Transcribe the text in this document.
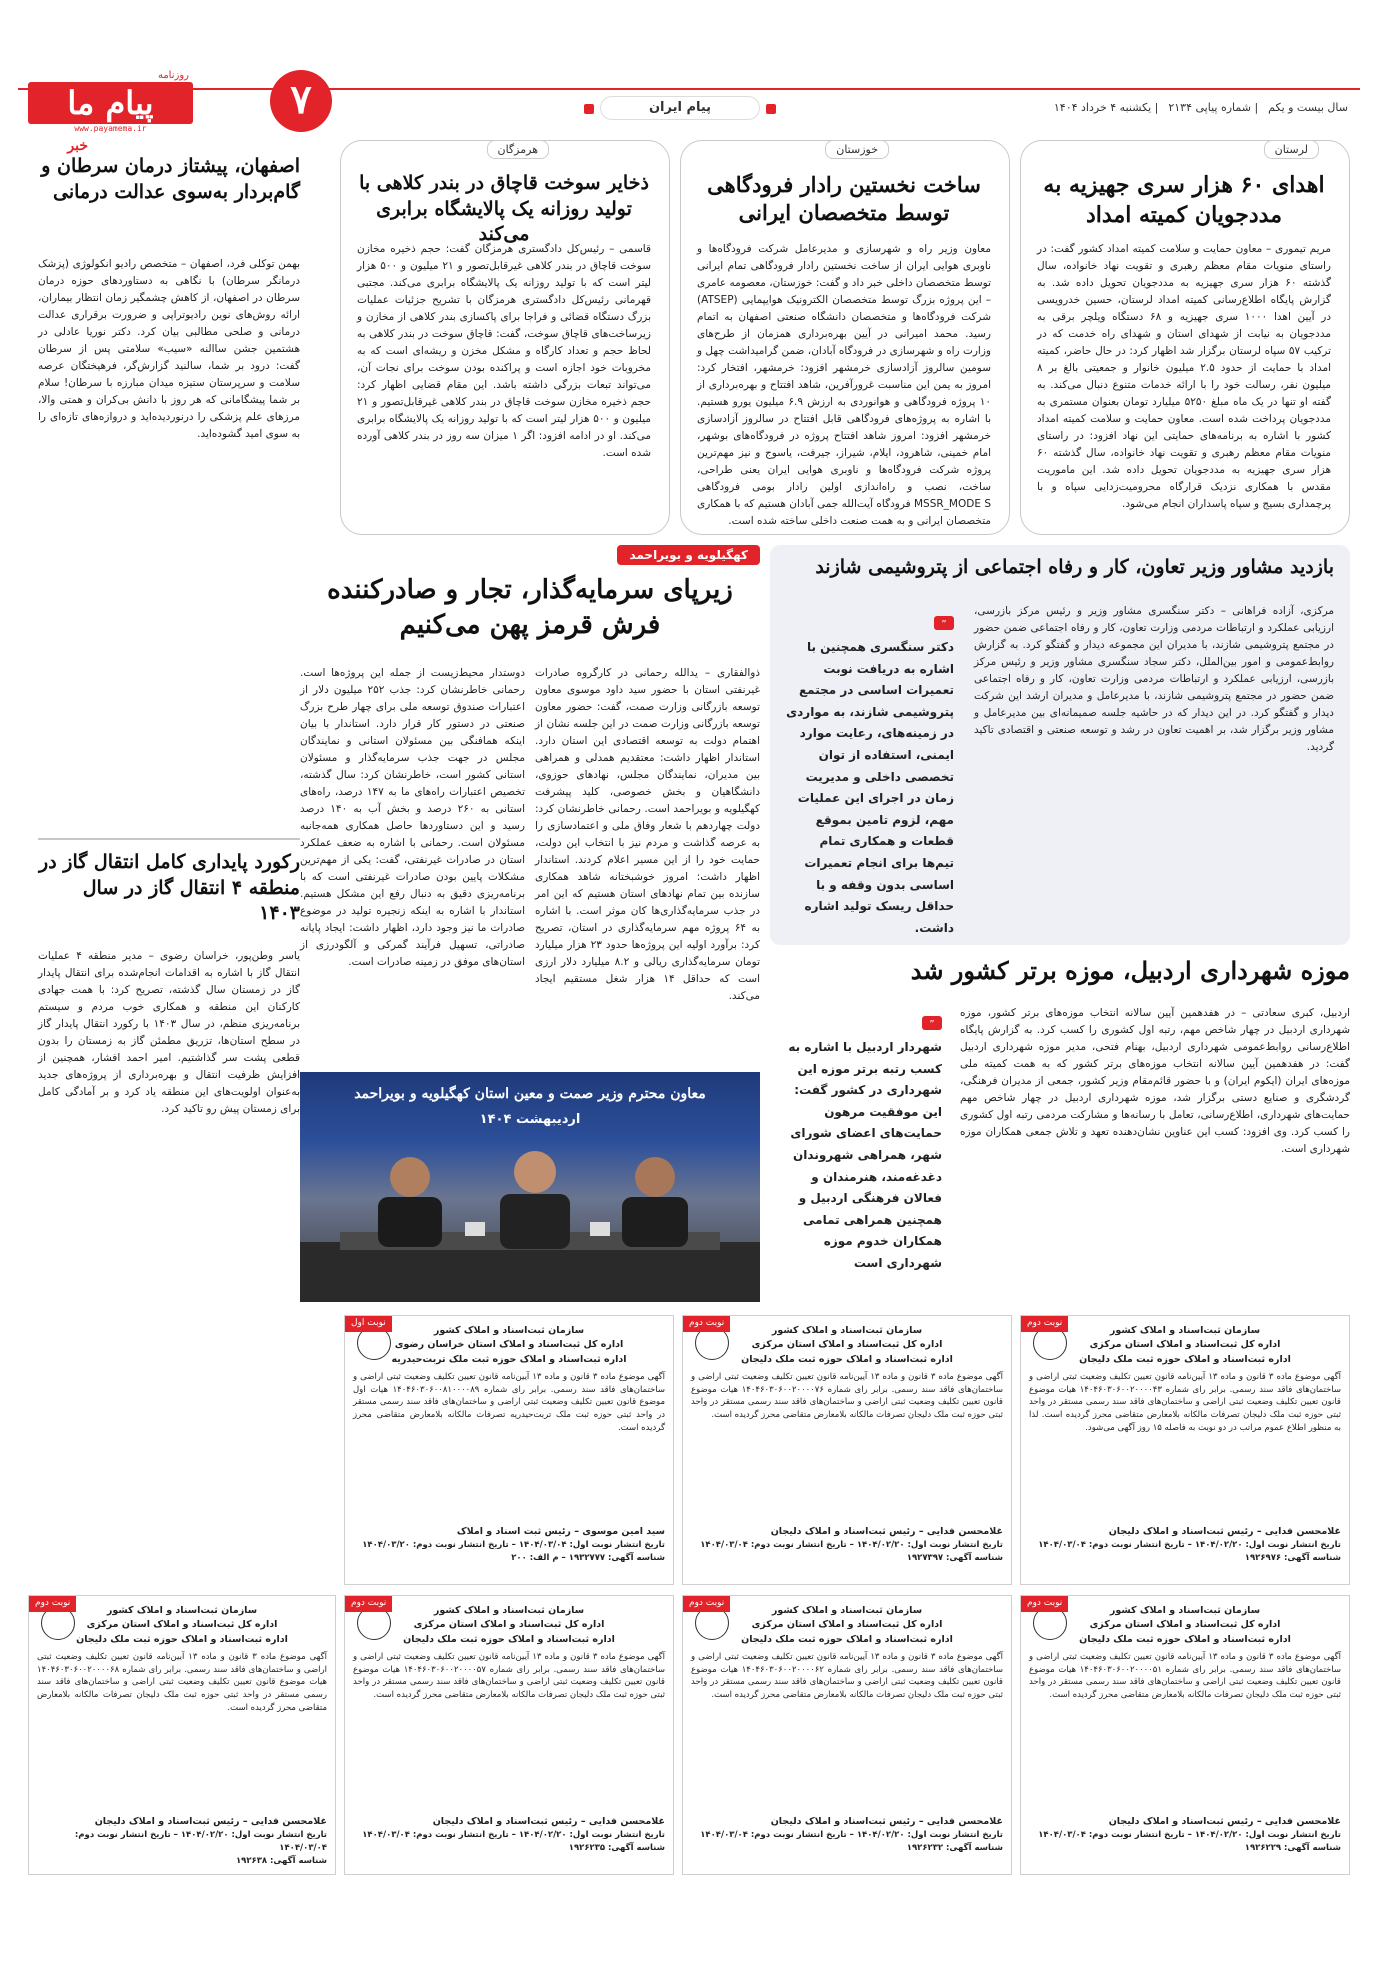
روزنامه
پیام ما
www.payamema.ir
۷	پیام ایران	سال بیست و یکم| شماره پیاپی ۲۱۳۴| یکشنبه ۴ خرداد ۱۴۰۴
لرستان
اهدای ۶۰ هزار سری جهیزیه به مددجویان کمیته امداد
مریم تیموری – معاون حمایت و سلامت کمیته امداد کشور گفت: در راستای منویات مقام معظم رهبری و تقویت نهاد خانواده، سال گذشته ۶۰ هزار سری جهیزیه به مددجویان تحویل داده شد. به گزارش پایگاه اطلاع‌رسانی کمیته امداد لرستان، حسین خدرویسی در آیین اهدا ۱۰۰۰ سری جهیزیه و ۶۸ دستگاه ویلچر برقی به مددجویان به نیابت از شهدای استان و شهدای راه خدمت که در ترکیب ۵۷ سپاه لرستان برگزار شد اظهار کرد: در حال حاضر، کمیته امداد با حمایت از حدود ۲.۵ میلیون خانوار و جمعیتی بالغ بر ۸ میلیون نفر، رسالت خود را با ارائه خدمات متنوع دنبال می‌کند. به گفته او تنها در یک ماه مبلغ ۵۲۵۰ میلیارد تومان بعنوان مستمری به مددجویان پرداخت شده است. معاون حمایت و سلامت کمیته امداد کشور با اشاره به برنامه‌های حمایتی این نهاد افزود: در راستای منویات مقام معظم رهبری و تقویت نهاد خانواده، سال گذشته ۶۰ هزار سری جهیزیه به مددجویان تحویل داده شد. این ماموریت مقدس با همکاری نزدیک قرارگاه محرومیت‌زدایی سپاه و با پرچمداری بسیج و سپاه پاسداران انجام می‌شود.
خوزستان
ساخت نخستین رادار فرودگاهی توسط متخصصان ایرانی
معاون وزیر راه و شهرسازی و مدیرعامل شرکت فرودگاه‌ها و ناوبری هوایی ایران از ساخت نخستین رادار فرودگاهی تمام ایرانی توسط متخصصان داخلی خبر داد و گفت: خوزستان، معصومه عامری – این پروژه بزرگ توسط متخصصان الکترونیک هوایپمایی (ATSEP) شرکت فرودگاه‌ها و متخصصان دانشگاه صنعتی اصفهان به اتمام رسید. محمد امیرانی در آیین بهره‌برداری همزمان از طرح‌های وزارت راه و شهرسازی در فرودگاه آبادان، ضمن گرامیداشت چهل و سومین سالروز آزادسازی خرمشهر افزود: خرمشهر، افتخار کرد: امروز به یمن این مناسبت غرورآفرین، شاهد افتتاح و بهره‌برداری از ۱۰ پروژه فرودگاهی و هوانوردی به ارزش ۶.۹ میلیون یورو هستیم. با اشاره به پروژه‌های فرودگاهی قابل افتتاح در سالروز آزادسازی خرمشهر افزود: امروز شاهد افتتاح پروژه در فرودگاه‌های بوشهر، امام خمینی، شاهرود، ایلام، شیراز، جیرفت، یاسوج و نیز مهم‌ترین پروژه شرکت فرودگاه‌ها و ناوبری هوایی ایران یعنی طراحی، ساخت، نصب و راه‌اندازی اولین رادار بومی فرودگاهی MSSR_MODE S فرودگاه آیت‌الله جمی آبادان هستیم که با همکاری متخصصان ایرانی و به همت صنعت داخلی ساخته شده است.
هرمزگان
ذخایر سوخت قاچاق در بندر کلاهی با تولید روزانه یک پالایشگاه برابری می‌کند
قاسمی – رئیس‌کل دادگستری هرمزگان گفت: حجم ذخیره مخازن سوخت قاچاق در بندر کلاهی غیرقابل‌تصور و ۲۱ میلیون و ۵۰۰ هزار لیتر است که با تولید روزانه یک پالایشگاه برابری می‌کند. مجتبی قهرمانی رئیس‌کل دادگستری هرمزگان با تشریح جزئیات عملیات بزرگ دستگاه قضائی و فراجا برای پاکسازی بندر کلاهی از مخازن و زیرساخت‌های قاچاق سوخت، گفت: قاچاق سوخت در بندر کلاهی به لحاظ حجم و تعداد کارگاه و مشکل مخزن و ریشه‌ای است که به مخروبات خود اجازه است و پراکنده بودن سوخت برای نجات آن، می‌تواند تبعات بزرگی داشته باشد. این مقام قضایی اظهار کرد: حجم ذخیره مخازن سوخت قاچاق در بندر کلاهی غیرقابل‌تصور و ۲۱ میلیون و ۵۰۰ هزار لیتر است که با تولید روزانه یک پالایشگاه برابری می‌کند. او در ادامه افزود: اگر ۱ میزان سه روز در بندر کلاهی آورده شده است.
خبر
اصفهان، پیشتاز درمان سرطان و گام‌بردار به‌سوی عدالت درمانی
بهمن توکلی فرد، اصفهان – متخصص رادیو انکولوژی (پزشک درمانگر سرطان) با نگاهی به دستاوردهای حوزه درمان سرطان در اصفهان، از کاهش چشمگیر زمان انتظار بیماران، ارائه روش‌های نوین رادیوتراپی و ضرورت برقراری عدالت درمانی و صلحی مطالبی بیان کرد. دکتر نوریا عادلی در هشتمین جشن ساالنه «سیب» سلامتی پس از سرطان گفت: درود بر شما، سالنید گزارش‌گر، فرهیختگان عرصه سلامت و سرپرستان ستیزه میدان مبارزه با سرطان! سلام بر شما پیشگامانی که هر روز با دانش بی‌کران و همتی والا، مرزهای علم پزشکی را درنوردیده‌اید و دروازه‌های تازه‌ای را به سوی امید گشوده‌اید.
رکورد پایداری کامل انتقال گاز در منطقه ۴ انتقال گاز در سال ۱۴۰۳
یاسر وطن‌پور، خراسان رضوی – مدیر منطقه ۴ عملیات انتقال گاز با اشاره به اقدامات انجام‌شده برای انتقال پایدار گاز در زمستان سال گذشته، تصریح کرد: با همت جهادی کارکنان این منطقه و همکاری خوب مردم و سیستم برنامه‌ریزی منظم، در سال ۱۴۰۳ با رکورد انتقال پایدار گاز در سطح استان‌ها، تزریق مطمئن گاز به زمستان را بدون قطعی پشت سر گذاشتیم. امیر احمد افشار، همچنین از افزایش ظرفیت انتقال و بهره‌برداری از پروژه‌های جدید به‌عنوان اولویت‌های این منطقه یاد کرد و بر آمادگی کامل برای زمستان پیش رو تاکید کرد.
بازدید مشاور وزیر تعاون، کار و رفاه اجتماعی از پتروشیمی شازند
مرکزی، آزاده فراهانی – دکتر سنگسری مشاور وزیر و رئیس مرکز بازرسی، ارزیابی عملکرد و ارتباطات مردمی وزارت تعاون، کار و رفاه اجتماعی ضمن حضور در مجتمع پتروشیمی شازند، با مدیران این مجموعه دیدار و گفتگو کرد. به گزارش روابط‌عمومی و امور بین‌الملل، دکتر سجاد سنگسری مشاور وزیر و رئیس مرکز بازرسی، ارزیابی عملکرد و ارتباطات مردمی وزارت تعاون، کار و رفاه اجتماعی ضمن حضور در مجتمع پتروشیمی شازند، با مدیرعامل و مدیران ارشد این شرکت دیدار و گفتگو کرد. در این دیدار که در حاشیه جلسه صمیمانه‌ای بین مدیرعامل و مشاور وزیر برگزار شد، بر اهمیت تعاون در رشد و توسعه صنعتی و اقتصادی تاکید گردید.
”
دکتر سنگسری همچنین با اشاره به دریافت نوبت تعمیرات اساسی در مجتمع پتروشیمی شازند، به مواردی در زمینه‌های، رعایت موارد ایمنی، استفاده از توان تخصصی داخلی و مدیریت زمان در اجرای این عملیات مهم، لزوم تامین بموقع قطعات و همکاری تمام تیم‌ها برای انجام تعمیرات اساسی بدون وقفه و با حداقل ریسک تولید اشاره داشت.
کهگیلویه و بویراحمد
زیرپای سرمایه‌گذار، تجار و صادرکننده فرش قرمز پهن می‌کنیم
ذوالفقاری – یدالله رحمانی در کارگروه صادرات غیرنفتی استان با حضور سید داود موسوی معاون توسعه بازرگانی وزارت صمت، گفت: حضور معاون توسعه بازرگانی وزارت صمت در این جلسه نشان از اهتمام دولت به توسعه اقتصادی این استان دارد. استاندار اظهار داشت: معتقدیم همدلی و همراهی بین مدیران، نمایندگان مجلس، نهادهای حوزوی، دانشگاهیان و بخش خصوصی، کلید پیشرفت کهگیلویه و بویراحمد است. رحمانی خاطرنشان کرد: دولت چهاردهم با شعار وفاق ملی و اعتمادسازی را به عرصه گذاشت و مردم نیز با انتخاب این دولت، حمایت خود را از این مسیر اعلام کردند. استاندار اظهار داشت: امروز خوشبختانه شاهد همکاری سازنده بین تمام نهادهای استان هستیم که این امر در جذب سرمایه‌گذاری‌ها کان موثر است. با اشاره به ۶۴ پروژه مهم سرمایه‌گذاری در استان، تصریح کرد: برآورد اولیه این پروژه‌ها حدود ۲۳ هزار میلیارد تومان سرمایه‌گذاری ریالی و ۸.۲ میلیارد دلار ارزی است که حداقل ۱۴ هزار شغل مستقیم ایجاد می‌کند.
دوستدار محیط‌زیست از جمله این پروژه‌ها است. رحمانی خاطرنشان کرد: جذب ۲۵۲ میلیون دلار از اعتبارات صندوق توسعه ملی برای چهار طرح بزرگ صنعتی در دستور کار قرار دارد. استاندار با بیان اینکه همافنگی بین مسئولان استانی و نمایندگان مجلس در جهت جذب سرمایه‌گذار و مسئولان استانی کشور است، خاطرنشان کرد: سال گذشته، تخصیص اعتبارات راه‌های ما به ۱۴۷ درصد، راه‌های استانی به ۲۶۰ درصد و بخش آب به ۱۴۰ درصد رسید و این دستاوردها حاصل همکاری همه‌جانبه مسئولان است. رحمانی با اشاره به ضعف عملکرد استان در صادرات غیرنفتی، گفت: یکی از مهم‌ترین مشکلات پایین بودن صادرات غیرنفتی است که با برنامه‌ریزی دقیق به دنبال رفع این مشکل هستیم. استاندار با اشاره به اینکه زنجیره تولید در موضوع صادرات ما نیز وجود دارد، اظهار داشت: ایجاد پایانه صادراتی، تسهیل فرآیند گمرکی و آلگودرزی از استان‌های موفق در زمینه صادرات است.
معاون محترم وزیر صمت و معین استان کهگیلویه و بویراحمد
اردیبهشت ۱۴۰۴
موزه شهرداری اردبیل، موزه برتر کشور شد
اردبیل، کبری سعادتی – در هفدهمین آیین سالانه انتخاب موزه‌های برتر کشور، موزه شهرداری اردبیل در چهار شاخص مهم، رتبه اول کشوری را کسب کرد. به گزارش پایگاه اطلاع‌رسانی روابط‌عمومی شهرداری اردبیل، بهنام فتحی، مدیر موزه شهرداری اردبیل گفت: در هفدهمین آیین سالانه انتخاب موزه‌های برتر کشور که به همت کمیته ملی موزه‌های ایران (ایکوم ایران) و با حضور قائم‌مقام وزیر کشور، جمعی از مدیران فرهنگی، گردشگری و صنایع دستی برگزار شد، موزه شهرداری اردبیل در چهار شاخص مهم حمایت‌های شهرداری، اطلاع‌رسانی، تعامل با رسانه‌ها و مشارکت مردمی رتبه اول کشوری را کسب کرد. وی افزود: کسب این عناوین نشان‌دهنده تعهد و تلاش جمعی همکاران موزه شهرداری است.
”
شهردار اردبیل با اشاره به کسب رتبه برتر موزه این شهرداری در کشور گفت: این موفقیت مرهون حمایت‌های اعضای شورای شهر، همراهی شهروندان دغدغه‌مند، هنرمندان و فعالان فرهنگی اردبیل و همچنین همراهی تمامی همکاران خدوم موزه شهرداری است
نوبت دوم
سازمان ثبت‌اسناد و املاک کشور
اداره کل ثبت‌اسناد و املاک استان مرکزی
اداره ثبت‌اسناد و املاک حوزه ثبت ملک دلیجان
آگهی موضوع ماده ۳ قانون و ماده ۱۳ آیین‌نامه قانون تعیین تکلیف وضعیت ثبتی اراضی و ساختمان‌های فاقد سند رسمی. برابر رای شماره ۱۴۰۴۶۰۳۰۶۰۰۲۰۰۰۰۴۳ هیات موضوع قانون تعیین تکلیف وضعیت ثبتی اراضی و ساختمان‌های فاقد سند رسمی مستقر در واحد ثبتی حوزه ثبت ملک دلیجان تصرفات مالکانه بلامعارض متقاضی محرز گردیده است. لذا به منظور اطلاع عموم مراتب در دو نوبت به فاصله ۱۵ روز آگهی می‌شود.
غلامحسن فدایی – رئیس ثبت‌اسناد و املاک دلیجان
تاریخ انتشار نوبت اول: ۱۴۰۴/۰۲/۲۰ – تاریخ انتشار نوبت دوم: ۱۴۰۴/۰۳/۰۴
شناسه آگهی: ۱۹۲۶۹۷۶
نوبت دوم
سازمان ثبت‌اسناد و املاک کشور
اداره کل ثبت‌اسناد و املاک استان مرکزی
اداره ثبت‌اسناد و املاک حوزه ثبت ملک دلیجان
آگهی موضوع ماده ۳ قانون و ماده ۱۳ آیین‌نامه قانون تعیین تکلیف وضعیت ثبتی اراضی و ساختمان‌های فاقد سند رسمی. برابر رای شماره ۱۴۰۴۶۰۳۰۶۰۰۲۰۰۰۰۷۶ هیات موضوع قانون تعیین تکلیف وضعیت ثبتی اراضی و ساختمان‌های فاقد سند رسمی مستقر در واحد ثبتی حوزه ثبت ملک دلیجان تصرفات مالکانه بلامعارض متقاضی محرز گردیده است.
غلامحسن فدایی – رئیس ثبت‌اسناد و املاک دلیجان
تاریخ انتشار نوبت اول: ۱۴۰۴/۰۲/۲۰ – تاریخ انتشار نوبت دوم: ۱۴۰۴/۰۳/۰۴
شناسه آگهی: ۱۹۲۷۳۹۷
نوبت اول
سازمان ثبت‌اسناد و املاک کشور
اداره کل ثبت‌اسناد و املاک استان خراسان رضوی
اداره ثبت‌اسناد و املاک حوزه ثبت ملک تربت‌حیدریه
آگهی موضوع ماده ۳ قانون و ماده ۱۳ آیین‌نامه قانون تعیین تکلیف وضعیت ثبتی اراضی و ساختمان‌های فاقد سند رسمی. برابر رای شماره ۱۴۰۴۶۰۳۰۶۰۰۸۱۰۰۰۰۸۹ هیات اول موضوع قانون تعیین تکلیف وضعیت ثبتی اراضی و ساختمان‌های فاقد سند رسمی مستقر در واحد ثبتی حوزه ثبت ملک تربت‌حیدریه تصرفات مالکانه بلامعارض متقاضی محرز گردیده است.
سید امین موسوی – رئیس ثبت اسناد و املاک
تاریخ انتشار نوبت اول: ۱۴۰۴/۰۳/۰۴ – تاریخ انتشار نوبت دوم: ۱۴۰۴/۰۳/۲۰
شناسه آگهی: ۱۹۳۲۷۷۷ – م الف: ۲۰۰
نوبت دوم
سازمان ثبت‌اسناد و املاک کشور
اداره کل ثبت‌اسناد و املاک استان مرکزی
اداره ثبت‌اسناد و املاک حوزه ثبت ملک دلیجان
آگهی موضوع ماده ۳ قانون و ماده ۱۳ آیین‌نامه قانون تعیین تکلیف وضعیت ثبتی اراضی و ساختمان‌های فاقد سند رسمی. برابر رای شماره ۱۴۰۴۶۰۳۰۶۰۰۲۰۰۰۰۵۱ هیات موضوع قانون تعیین تکلیف وضعیت ثبتی اراضی و ساختمان‌های فاقد سند رسمی مستقر در واحد ثبتی حوزه ثبت ملک دلیجان تصرفات مالکانه بلامعارض متقاضی محرز گردیده است.
غلامحسن فدایی – رئیس ثبت‌اسناد و املاک دلیجان
تاریخ انتشار نوبت اول: ۱۴۰۴/۰۲/۲۰ – تاریخ انتشار نوبت دوم: ۱۴۰۴/۰۳/۰۴
شناسه آگهی: ۱۹۲۶۲۲۹
نوبت دوم
سازمان ثبت‌اسناد و املاک کشور
اداره کل ثبت‌اسناد و املاک استان مرکزی
اداره ثبت‌اسناد و املاک حوزه ثبت ملک دلیجان
آگهی موضوع ماده ۳ قانون و ماده ۱۳ آیین‌نامه قانون تعیین تکلیف وضعیت ثبتی اراضی و ساختمان‌های فاقد سند رسمی. برابر رای شماره ۱۴۰۴۶۰۳۰۶۰۰۲۰۰۰۰۶۲ هیات موضوع قانون تعیین تکلیف وضعیت ثبتی اراضی و ساختمان‌های فاقد سند رسمی مستقر در واحد ثبتی حوزه ثبت ملک دلیجان تصرفات مالکانه بلامعارض متقاضی محرز گردیده است.
غلامحسن فدایی – رئیس ثبت‌اسناد و املاک دلیجان
تاریخ انتشار نوبت اول: ۱۴۰۴/۰۲/۲۰ – تاریخ انتشار نوبت دوم: ۱۴۰۴/۰۳/۰۴
شناسه آگهی: ۱۹۲۶۲۳۲
نوبت دوم
سازمان ثبت‌اسناد و املاک کشور
اداره کل ثبت‌اسناد و املاک استان مرکزی
اداره ثبت‌اسناد و املاک حوزه ثبت ملک دلیجان
آگهی موضوع ماده ۳ قانون و ماده ۱۳ آیین‌نامه قانون تعیین تکلیف وضعیت ثبتی اراضی و ساختمان‌های فاقد سند رسمی. برابر رای شماره ۱۴۰۴۶۰۳۰۶۰۰۲۰۰۰۰۵۷ هیات موضوع قانون تعیین تکلیف وضعیت ثبتی اراضی و ساختمان‌های فاقد سند رسمی مستقر در واحد ثبتی حوزه ثبت ملک دلیجان تصرفات مالکانه بلامعارض متقاضی محرز گردیده است.
غلامحسن فدایی – رئیس ثبت‌اسناد و املاک دلیجان
تاریخ انتشار نوبت اول: ۱۴۰۴/۰۲/۲۰ – تاریخ انتشار نوبت دوم: ۱۴۰۴/۰۳/۰۴
شناسه آگهی: ۱۹۲۶۲۳۵
نوبت دوم
سازمان ثبت‌اسناد و املاک کشور
اداره کل ثبت‌اسناد و املاک استان مرکزی
اداره ثبت‌اسناد و املاک حوزه ثبت ملک دلیجان
آگهی موضوع ماده ۳ قانون و ماده ۱۳ آیین‌نامه قانون تعیین تکلیف وضعیت ثبتی اراضی و ساختمان‌های فاقد سند رسمی. برابر رای شماره ۱۴۰۴۶۰۳۰۶۰۰۲۰۰۰۰۶۸ هیات موضوع قانون تعیین تکلیف وضعیت ثبتی اراضی و ساختمان‌های فاقد سند رسمی مستقر در واحد ثبتی حوزه ثبت ملک دلیجان تصرفات مالکانه بلامعارض متقاضی محرز گردیده است.
غلامحسن فدایی – رئیس ثبت‌اسناد و املاک دلیجان
تاریخ انتشار نوبت اول: ۱۴۰۴/۰۲/۲۰ – تاریخ انتشار نوبت دوم: ۱۴۰۴/۰۳/۰۴
شناسه آگهی: ۱۹۲۶۳۸
